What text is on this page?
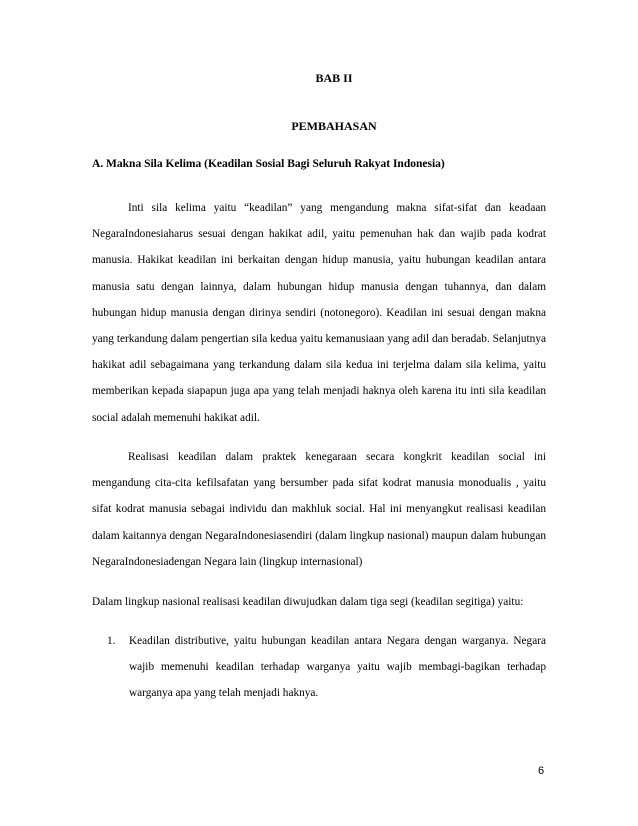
BAB II
PEMBAHASAN
A. Makna Sila Kelima (Keadilan Sosial Bagi Seluruh Rakyat Indonesia)

Inti sila kelima yaitu “keadilan” yang mengandung makna sifat-sifat dan keadaan NegaraIndonesiaharus sesuai dengan hakikat adil, yaitu pemenuhan hak dan wajib pada kodrat manusia. Hakikat keadilan ini berkaitan dengan hidup manusia, yaitu hubungan keadilan antara manusia satu dengan lainnya, dalam hubungan hidup manusia dengan tuhannya, dan dalam hubungan hidup manusia dengan dirinya sendiri (notonegoro). Keadilan ini sesuai dengan makna yang terkandung dalam pengertian sila kedua yaitu kemanusiaan yang adil dan beradab. Selanjutnya hakikat adil sebagaimana yang terkandung dalam sila kedua ini terjelma dalam sila kelima, yaitu memberikan kepada siapapun juga apa yang telah menjadi haknya oleh karena itu inti sila keadilan social adalah memenuhi hakikat adil.

Realisasi keadilan dalam praktek kenegaraan secara kongkrit keadilan social ini mengandung cita-cita kefilsafatan yang bersumber pada sifat kodrat manusia monodualis , yaitu sifat kodrat manusia sebagai individu dan makhluk social. Hal ini menyangkut realisasi keadilan dalam kaitannya dengan NegaraIndonesiasendiri (dalam lingkup nasional) maupun dalam hubungan NegaraIndonesiadengan Negara lain (lingkup internasional)

Dalam lingkup nasional realisasi keadilan diwujudkan dalam tiga segi (keadilan segitiga) yaitu:

1. Keadilan distributive, yaitu hubungan keadilan antara Negara dengan warganya. Negara wajib memenuhi keadilan terhadap warganya yaitu wajib membagi-bagikan terhadap warganya apa yang telah menjadi haknya.
6
